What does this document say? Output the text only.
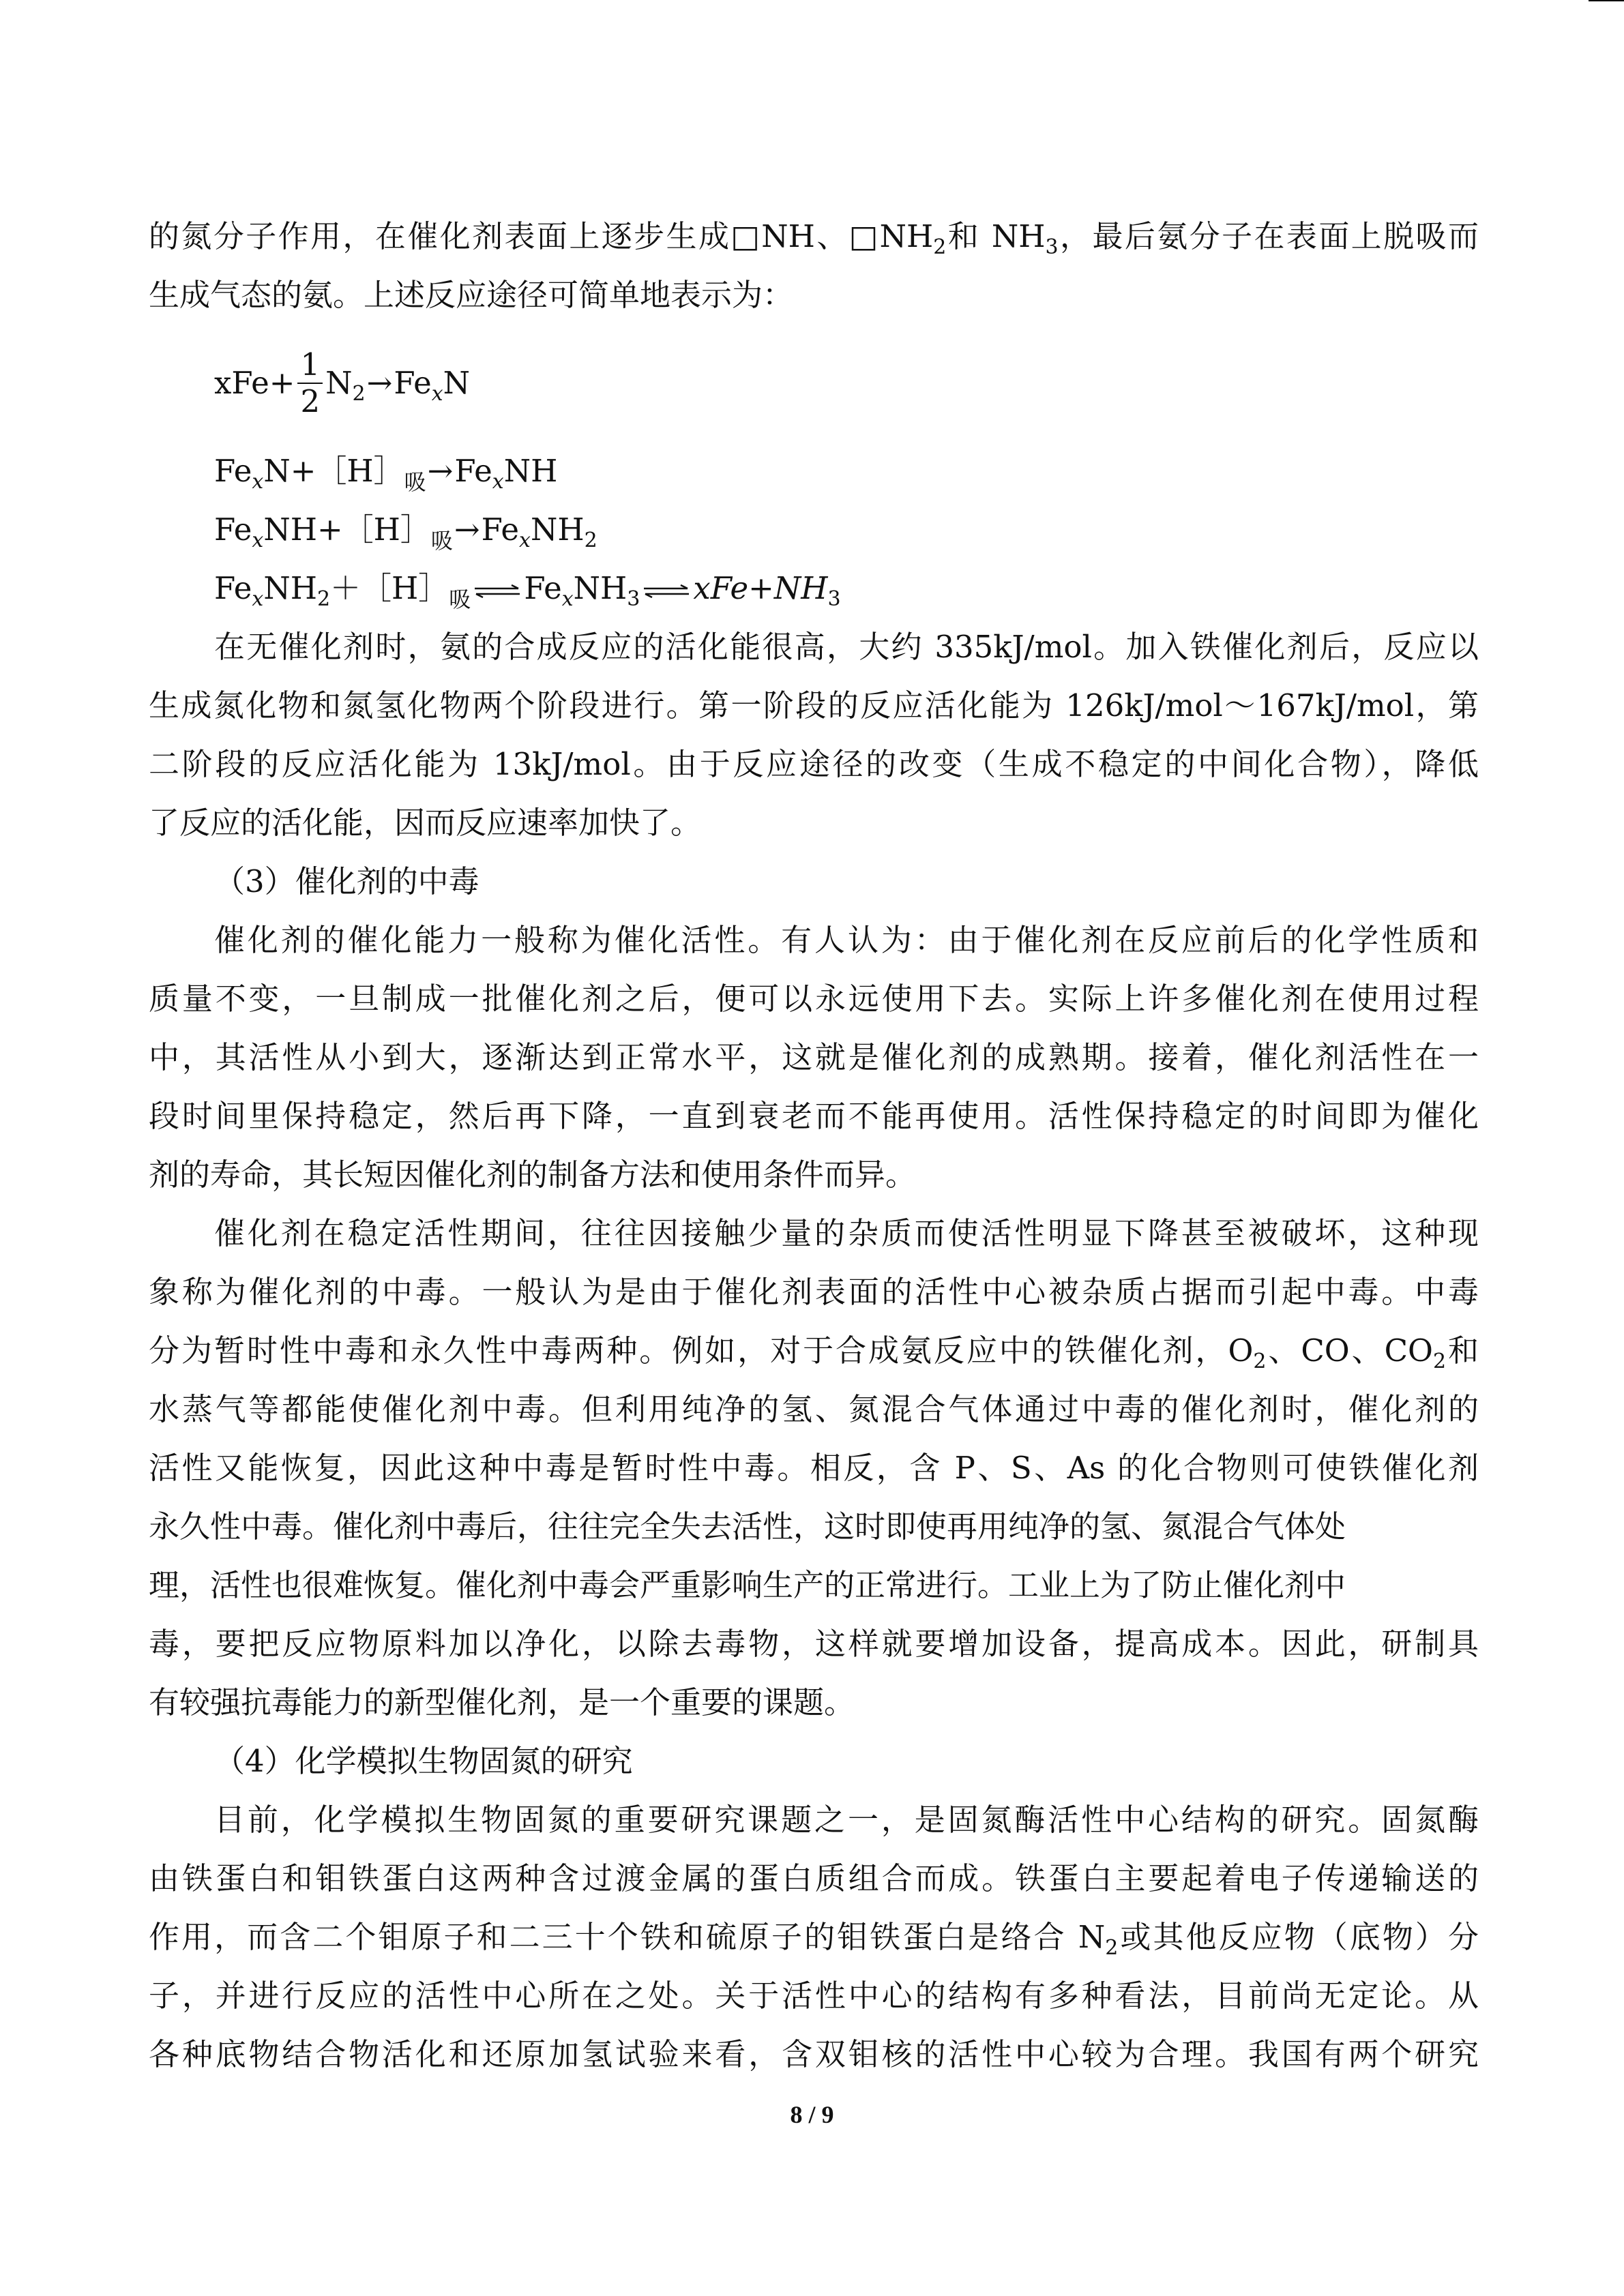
的氮分子作用，在催化剂表面上逐步生成□NH、$□NH_2$和 $NH_3$，最后氨分子在表面上脱吸而
生成气态的氨。上述反应途径可简单地表示为：
$xFe+ \frac{1}{2} N_2 \to Fe_xN$
$Fe_xN+[H]_吸\to Fe_xNH$
$Fe_xNH+[H]_吸\to Fe_xNH_2$
$Fe_xNH_2+[H]_吸$ ⇌ $Fe_xNH_3$ ⇌ $xFe+NH_3$
在无催化剂时，氨的合成反应的活化能很高，大约 335kJ/mol。加入铁催化剂后，反应以
生成氮化物和氮氢化物两个阶段进行。第一阶段的反应活化能为 126kJ/mol～167kJ/mol，第
二阶段的反应活化能为 13kJ/mol。由于反应途径的改变（生成不稳定的中间化合物），降低
了反应的活化能，因而反应速率加快了。
（3）催化剂的中毒
催化剂的催化能力一般称为催化活性。有人认为：由于催化剂在反应前后的化学性质和
质量不变，一旦制成一批催化剂之后，便可以永远使用下去。实际上许多催化剂在使用过程
中，其活性从小到大，逐渐达到正常水平，这就是催化剂的成熟期。接着，催化剂活性在一
段时间里保持稳定，然后再下降，一直到衰老而不能再使用。活性保持稳定的时间即为催化
剂的寿命，其长短因催化剂的制备方法和使用条件而异。
催化剂在稳定活性期间，往往因接触少量的杂质而使活性明显下降甚至被破坏，这种现
象称为催化剂的中毒。一般认为是由于催化剂表面的活性中心被杂质占据而引起中毒。中毒
分为暂时性中毒和永久性中毒两种。例如，对于合成氨反应中的铁催化剂，$O_2$、CO、$CO_2$和
水蒸气等都能使催化剂中毒。但利用纯净的氢、氮混合气体通过中毒的催化剂时，催化剂的
活性又能恢复，因此这种中毒是暂时性中毒。相反，含 P、S、As 的化合物则可使铁催化剂
永久性中毒。催化剂中毒后，往往完全失去活性，这时即使再用纯净的氢、氮混合气体处
理，活性也很难恢复。催化剂中毒会严重影响生产的正常进行。工业上为了防止催化剂中
毒，要把反应物原料加以净化，以除去毒物，这样就要增加设备，提高成本。因此，研制具
有较强抗毒能力的新型催化剂，是一个重要的课题。
（4）化学模拟生物固氮的研究
目前，化学模拟生物固氮的重要研究课题之一，是固氮酶活性中心结构的研究。固氮酶
由铁蛋白和钼铁蛋白这两种含过渡金属的蛋白质组合而成。铁蛋白主要起着电子传递输送的
作用，而含二个钼原子和二三十个铁和硫原子的钼铁蛋白是络合 $N_2$或其他反应物（底物）分
子，并进行反应的活性中心所在之处。关于活性中心的结构有多种看法，目前尚无定论。从
各种底物结合物活化和还原加氢试验来看，含双钼核的活性中心较为合理。我国有两个研究
8 / 9
